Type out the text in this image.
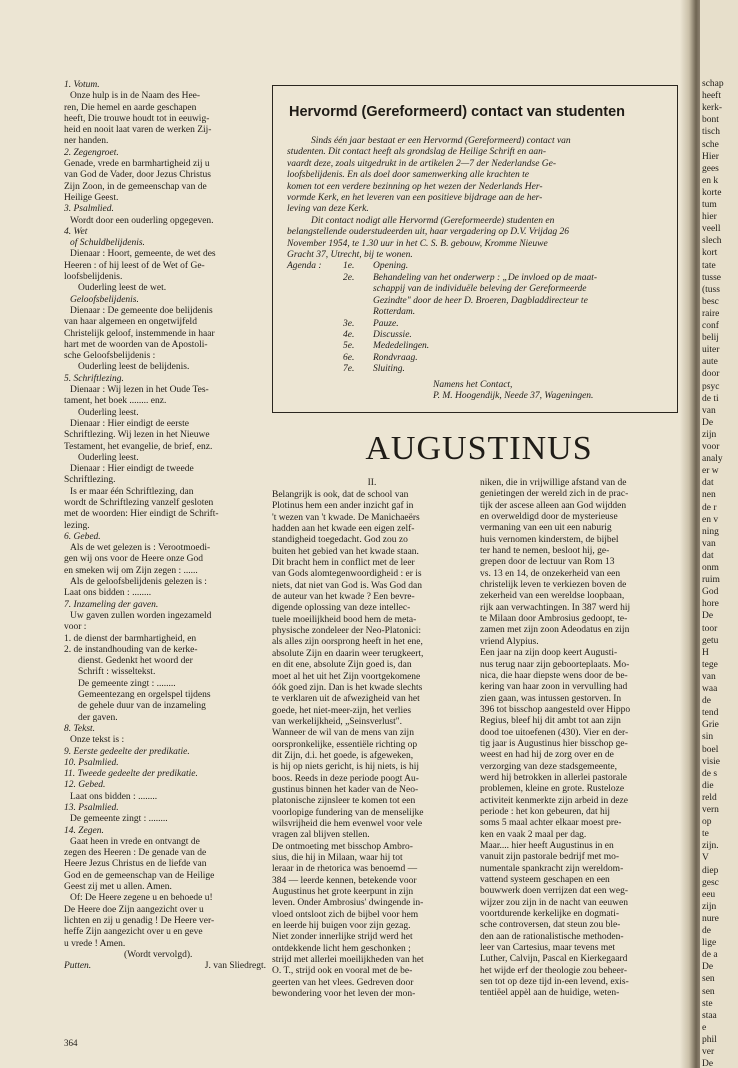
1. Votum.
Onze hulp is in de Naam des Hee-
ren, Die hemel en aarde geschapen
heeft, Die trouwe houdt tot in eeuwig-
heid en nooit laat varen de werken Zij-
ner handen.
2. Zegengroet.
Genade, vrede en barmhartigheid zij u
van God de Vader, door Jezus Christus
Zijn Zoon, in de gemeenschap van de
Heilige Geest.
3. Psalmlied.
Wordt door een ouderling opgegeven.
4. Wet
of Schuldbelijdenis.
Dienaar : Hoort, gemeente, de wet des
Heeren : of hij leest of de Wet of Ge-
loofsbelijdenis.
Ouderling leest de wet.
Geloofsbelijdenis.
Dienaar : De gemeente doe belijdenis
van haar algemeen en ongetwijfeld
Christelijk geloof, instemmende in haar
hart met de woorden van de Apostoli-
sche Geloofsbelijdenis :
Ouderling leest de belijdenis.
5. Schriftlezing.
Dienaar : Wij lezen in het Oude Tes-
tament, het boek ........ enz.
Ouderling leest.
Dienaar : Hier eindigt de eerste
Schriftlezing. Wij lezen in het Nieuwe
Testament, het evangelie, de brief, enz.
Ouderling leest.
Dienaar : Hier eindigt de tweede
Schriftlezing.
Is er maar één Schriftlezing, dan
wordt de Schriftlezing vanzelf gesloten
met de woorden: Hier eindigt de Schrift-
lezing.
6. Gebed.
Als de wet gelezen is : Verootmoedi-
gen wij ons voor de Heere onze God
en smeken wij om Zijn zegen : ......
Als de geloofsbelijdenis gelezen is :
Laat ons bidden : ........
7. Inzameling der gaven.
Uw gaven zullen worden ingezameld
voor :
1. de dienst der barmhartigheid, en
2. de instandhouding van de kerke-
dienst. Gedenkt het woord der
Schrift : wisseltekst.
De gemeente zingt : ........
Gemeentezang en orgelspel tijdens
de gehele duur van de inzameling
der gaven.
8. Tekst.
Onze tekst is :
9. Eerste gedeelte der predikatie.
10. Psalmlied.
11. Tweede gedeelte der predikatie.
12. Gebed.
Laat ons bidden : ........
13. Psalmlied.
De gemeente zingt : ........
14. Zegen.
Gaat heen in vrede en ontvangt de
zegen des Heeren : De genade van de
Heere Jezus Christus en de liefde van
God en de gemeenschap van de Heilige
Geest zij met u allen. Amen.
Of: De Heere zegene u en behoede u!
De Heere doe Zijn aangezicht over u
lichten en zij u genadig ! De Heere ver-
heffe Zijn aangezicht over u en geve
u vrede ! Amen.
(Wordt vervolgd).
Putten.	J. van Sliedregt.
Hervormd (Gereformeerd) contact van studenten
Sinds één jaar bestaat er een Hervormd (Gereformeerd) contact van
studenten. Dit contact heeft als grondslag de Heilige Schrift en aan-
vaardt deze, zoals uitgedrukt in de artikelen 2—7 der Nederlandse Ge-
loofsbelijdenis. En als doel door samenwerking alle krachten te
komen tot een verdere bezinning op het wezen der Nederlands Her-
vormde Kerk, en het leveren van een positieve bijdrage aan de her-
leving van deze Kerk.
Dit contact nodigt alle Hervormd (Gereformeerde) studenten en
belangstellende ouderstudeerden uit, haar vergadering op D.V. Vrijdag 26
November 1954, te 1.30 uur in het C. S. B. gebouw, Kromme Nieuwe
Gracht 37, Utrecht, bij te wonen.
Agenda :	1e.	Opening.
2e.	Behandeling van het onderwerp : „De invloed op de maat-
schappij van de individuële beleving der Gereformeerde
Gezindte" door de heer D. Broeren, Dagbladdirecteur te
Rotterdam.
3e.	Pauze.
4e.	Discussie.
5e.	Mededelingen.
6e.	Rondvraag.
7e.	Sluiting.
Namens het Contact,
P. M. Hoogendijk, Neede 37, Wageningen.
AUGUSTINUS
II.
Belangrijk is ook, dat de school van
Plotinus hem een ander inzicht gaf in
't wezen van 't kwade. De Manichaeërs
hadden aan het kwade een eigen zelf-
standigheid toegedacht. God zou zo
buiten het gebied van het kwade staan.
Dit bracht hem in conflict met de leer
van Gods alomtegenwoordigheid : er is
niets, dat niet van God is. Was God dan
de auteur van het kwade ? Een bevre-
digende oplossing van deze intellec-
tuele moeilijkheid bood hem de meta-
physische zondeleer der Neo-Platonici:
als alles zijn oorsprong heeft in het ene,
absolute Zijn en daarin weer terugkeert,
en dit ene, absolute Zijn goed is, dan
moet al het uit het Zijn voortgekomene
óók goed zijn. Dan is het kwade slechts
te verklaren uit de afwezigheid van het
goede, het niet-meer-zijn, het verlies
van werkelijkheid, „Seinsverlust".
Wanneer de wil van de mens van zijn
oorspronkelijke, essentiële richting op
dit Zijn, d.i. het goede, is afgeweken,
is hij op niets gericht, is hij niets, is hij
boos. Reeds in deze periode poogt Au-
gustinus binnen het kader van de Neo-
platonische zijnsleer te komen tot een
voorlopige fundering van de menselijke
wilsvrijheid die hem evenwel voor vele
vragen zal blijven stellen.
De ontmoeting met bisschop Ambro-
sius, die hij in Milaan, waar hij tot
leraar in de rhetorica was benoemd —
384 — leerde kennen, betekende voor
Augustinus het grote keerpunt in zijn
leven. Onder Ambrosius' dwingende in-
vloed ontsloot zich de bijbel voor hem
en leerde hij buigen voor zijn gezag.
Niet zonder innerlijke strijd werd het
ontdekkende licht hem geschonken ;
strijd met allerlei moeilijkheden van het
O. T., strijd ook en vooral met de be-
geerten van het vlees. Gedreven door
bewondering voor het leven der mon-
niken, die in vrijwillige afstand van de
genietingen der wereld zich in de prac-
tijk der ascese alleen aan God wijdden
en overweldigd door de mysterieuse
vermaning van een uit een naburig
huis vernomen kinderstem, de bijbel
ter hand te nemen, besloot hij, ge-
grepen door de lectuur van Rom 13
vs. 13 en 14, de onzekerheid van een
christelijk leven te verkiezen boven de
zekerheid van een wereldse loopbaan,
rijk aan verwachtingen. In 387 werd hij
te Milaan door Ambrosius gedoopt, te-
zamen met zijn zoon Adeodatus en zijn
vriend Alypius.
Een jaar na zijn doop keert Augusti-
nus terug naar zijn geboorteplaats. Mo-
nica, die haar diepste wens door de be-
kering van haar zoon in vervulling had
zien gaan, was intussen gestorven. In
396 tot bisschop aangesteld over Hippo
Regius, bleef hij dit ambt tot aan zijn
dood toe uitoefenen (430). Vier en der-
tig jaar is Augustinus hier bisschop ge-
weest en had hij de zorg over en de
verzorging van deze stadsgemeente,
werd hij betrokken in allerlei pastorale
problemen, kleine en grote. Rusteloze
activiteit kenmerkte zijn arbeid in deze
periode : het kon gebeuren, dat hij
soms 5 maal achter elkaar moest pre-
ken en vaak 2 maal per dag.
Maar.... hier heeft Augustinus in en
vanuit zijn pastorale bedrijf met mo-
numentale spankracht zijn wereldom-
vattend systeem geschapen en een
bouwwerk doen verrijzen dat een weg-
wijzer zou zijn in de nacht van eeuwen
voortdurende kerkelijke en dogmati-
sche controversen, dat steun zou ble-
den aan de rationalistische methoden-
leer van Cartesius, maar tevens met
Luther, Calvijn, Pascal en Kierkegaard
het wijde erf der theologie zou beheer-
sen tot op deze tijd in-een levend, exis-
tentiëel appèl aan de huidige, weten-
364
schap
heeft
kerk-
bont
tisch
sche
Hier
gees
en k
korte
tum
hier
veell
slech
kort
tate
tusse
(tuss
besc
raire
conf
belij
uiter
aute
door
psyc
de ti
van
De
zijn
voor
analy
er w
dat
nen
de r
en v
ning
van
dat
onm
ruim
God
hore
De
toor
getu
H
tege
van
waa
de
tend
Grie
sin
boel
visie
de s
die
reld
vern
op
te
zijn.
V
diep
gesc
eeu
zijn
nure
de
lige
de a
De
sen
sen
ste
staa
e
phil
ver
De
